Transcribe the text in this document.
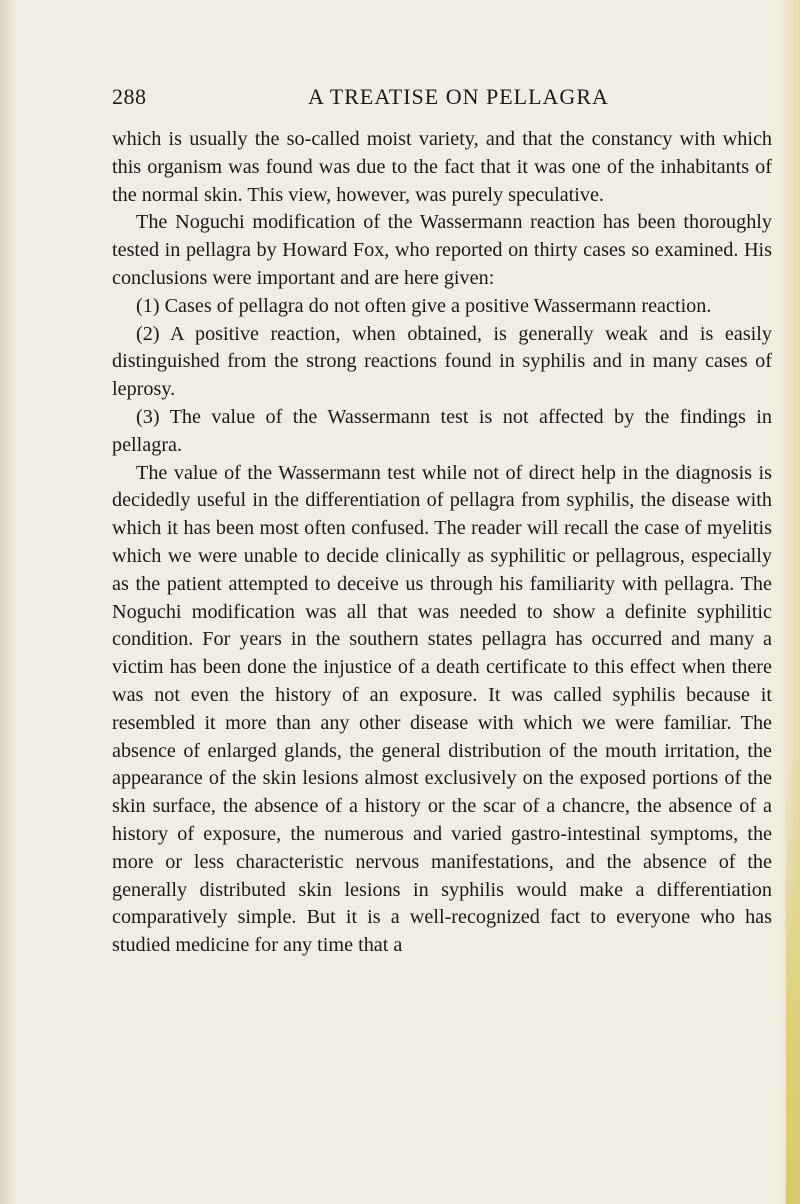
288	A TREATISE ON PELLAGRA

which is usually the so-called moist variety, and that the constancy with which this organism was found was due to the fact that it was one of the inhabitants of the normal skin. This view, however, was purely speculative.

The Noguchi modification of the Wassermann reaction has been thoroughly tested in pellagra by Howard Fox, who reported on thirty cases so examined. His conclusions were important and are here given:

(1) Cases of pellagra do not often give a positive Wassermann reaction.

(2) A positive reaction, when obtained, is generally weak and is easily distinguished from the strong reactions found in syphilis and in many cases of leprosy.

(3) The value of the Wassermann test is not affected by the findings in pellagra.

The value of the Wassermann test while not of direct help in the diagnosis is decidedly useful in the differentiation of pellagra from syphilis, the disease with which it has been most often confused. The reader will recall the case of myelitis which we were unable to decide clinically as syphilitic or pellagrous, especially as the patient attempted to deceive us through his familiarity with pellagra. The Noguchi modification was all that was needed to show a definite syphilitic condition. For years in the southern states pellagra has occurred and many a victim has been done the injustice of a death certificate to this effect when there was not even the history of an exposure. It was called syphilis because it resembled it more than any other disease with which we were familiar. The absence of enlarged glands, the general distribution of the mouth irritation, the appearance of the skin lesions almost exclusively on the exposed portions of the skin surface, the absence of a history or the scar of a chancre, the absence of a history of exposure, the numerous and varied gastro-intestinal symptoms, the more or less characteristic nervous manifestations, and the absence of the generally distributed skin lesions in syphilis would make a differentiation comparatively simple. But it is a well-recognized fact to everyone who has studied medicine for any time that a
